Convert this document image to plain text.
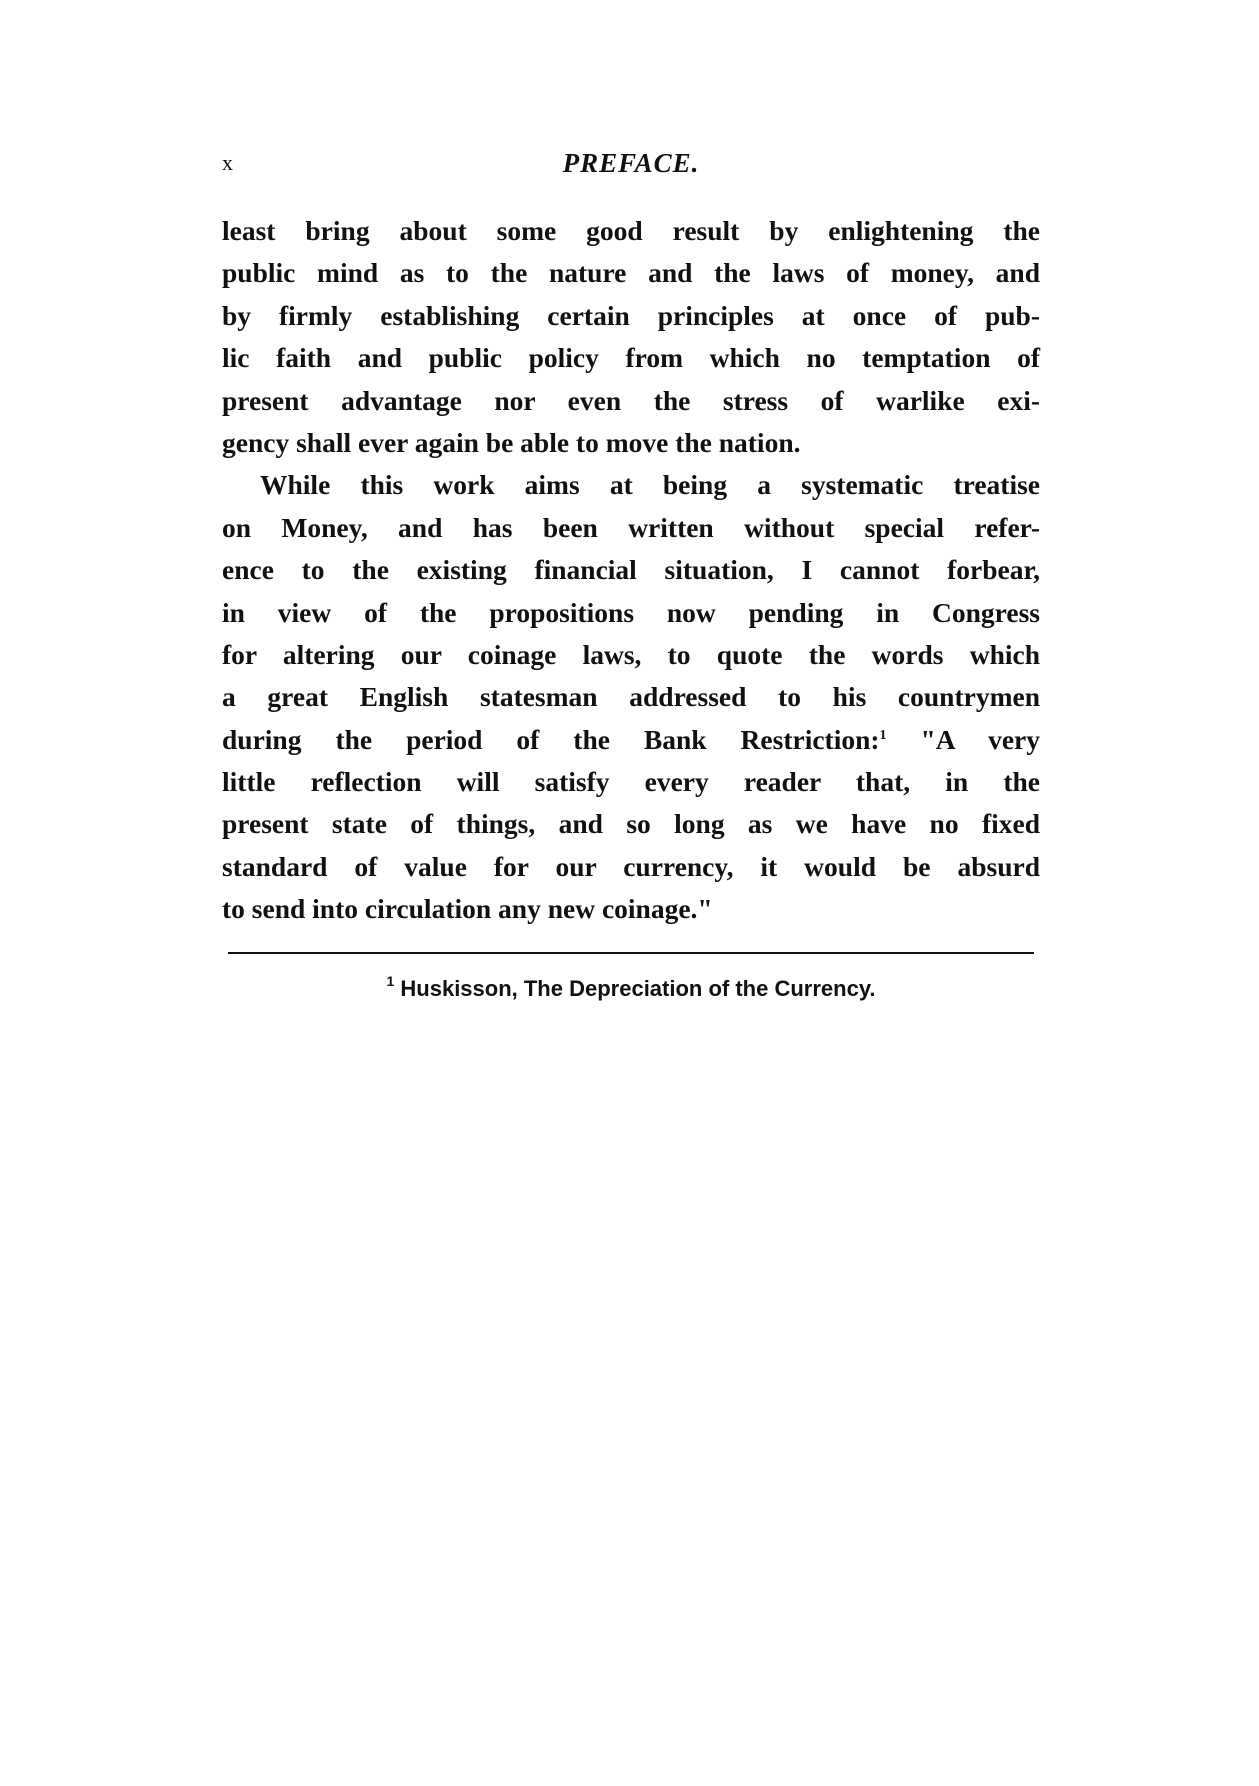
x	PREFACE.
least bring about some good result by enlightening the
public mind as to the nature and the laws of money, and
by firmly establishing certain principles at once of pub-
lic faith and public policy from which no temptation of
present advantage nor even the stress of warlike exi-
gency shall ever again be able to move the nation.
While this work aims at being a systematic treatise
on Money, and has been written without special refer-
ence to the existing financial situation, I cannot forbear,
in view of the propositions now pending in Congress
for altering our coinage laws, to quote the words which
a great English statesman addressed to his countrymen
during the period of the Bank Restriction:$^1$ "A very
little reflection will satisfy every reader that, in the
present state of things, and so long as we have no fixed
standard of value for our currency, it would be absurd
to send into circulation any new coinage."
$^1$ Huskisson, The Depreciation of the Currency.
